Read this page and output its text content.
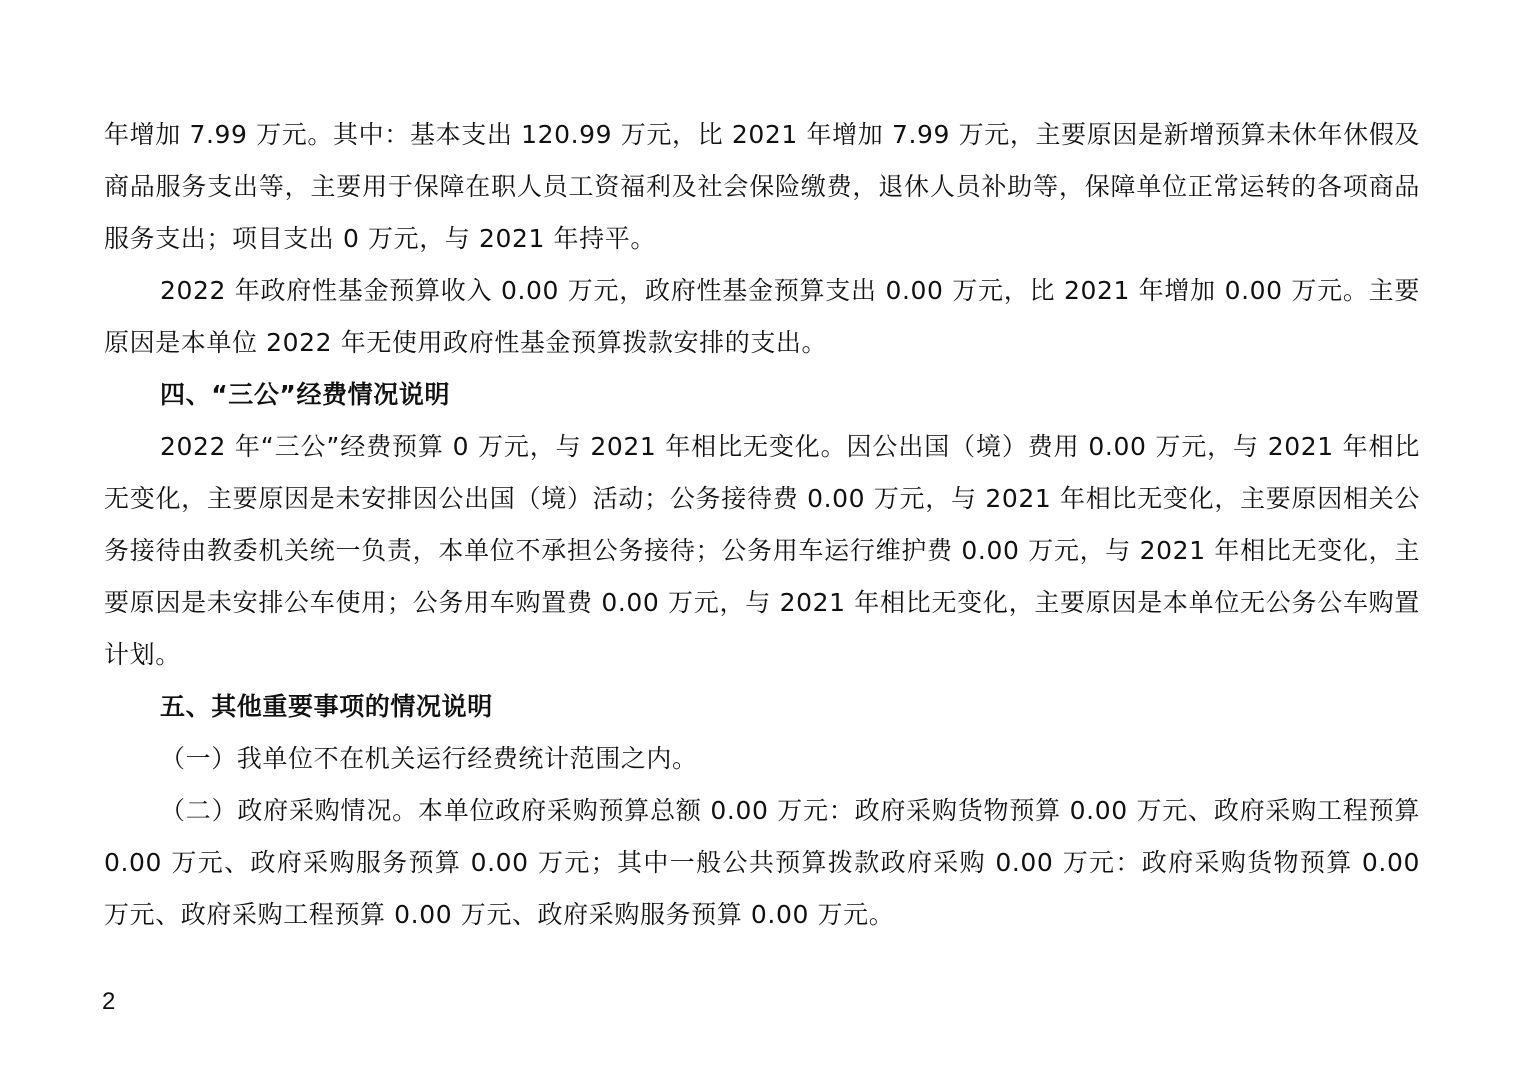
年增加 7.99 万元。其中：基本支出 120.99 万元，比 2021 年增加 7.99 万元，主要原因是新增预算未休年休假及商品服务支出等，主要用于保障在职人员工资福利及社会保险缴费，退休人员补助等，保障单位正常运转的各项商品服务支出；项目支出 0 万元，与 2021 年持平。

2022 年政府性基金预算收入 0.00 万元，政府性基金预算支出 0.00 万元，比 2021 年增加 0.00 万元。主要原因是本单位 2022 年无使用政府性基金预算拨款安排的支出。

四、“三公”经费情况说明

2022 年“三公”经费预算 0 万元，与 2021 年相比无变化。因公出国（境）费用 0.00 万元，与 2021 年相比无变化，主要原因是未安排因公出国（境）活动；公务接待费 0.00 万元，与 2021 年相比无变化，主要原因相关公务接待由教委机关统一负责，本单位不承担公务接待；公务用车运行维护费 0.00 万元，与 2021 年相比无变化，主要原因是未安排公车使用；公务用车购置费 0.00 万元，与 2021 年相比无变化，主要原因是本单位无公务公车购置计划。

五、其他重要事项的情况说明

（一）我单位不在机关运行经费统计范围之内。

（二）政府采购情况。本单位政府采购预算总额 0.00 万元：政府采购货物预算 0.00 万元、政府采购工程预算 0.00 万元、政府采购服务预算 0.00 万元；其中一般公共预算拨款政府采购 0.00 万元：政府采购货物预算 0.00 万元、政府采购工程预算 0.00 万元、政府采购服务预算 0.00 万元。

2
